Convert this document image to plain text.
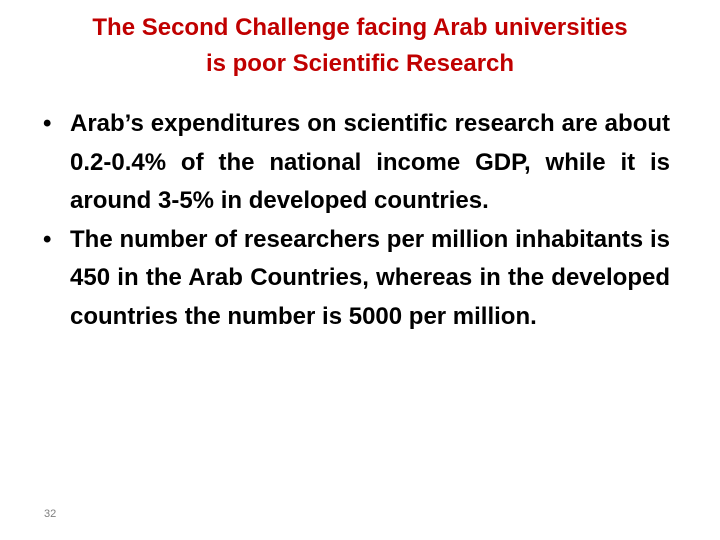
The Second Challenge facing Arab universities
is poor Scientific Research
• Arab’s expenditures on scientific research are about 0.2-0.4% of the national income GDP, while it is around 3-5% in developed countries.
• The number of researchers per million inhabitants is 450 in the Arab Countries, whereas in the developed countries the number is 5000 per million.
32
